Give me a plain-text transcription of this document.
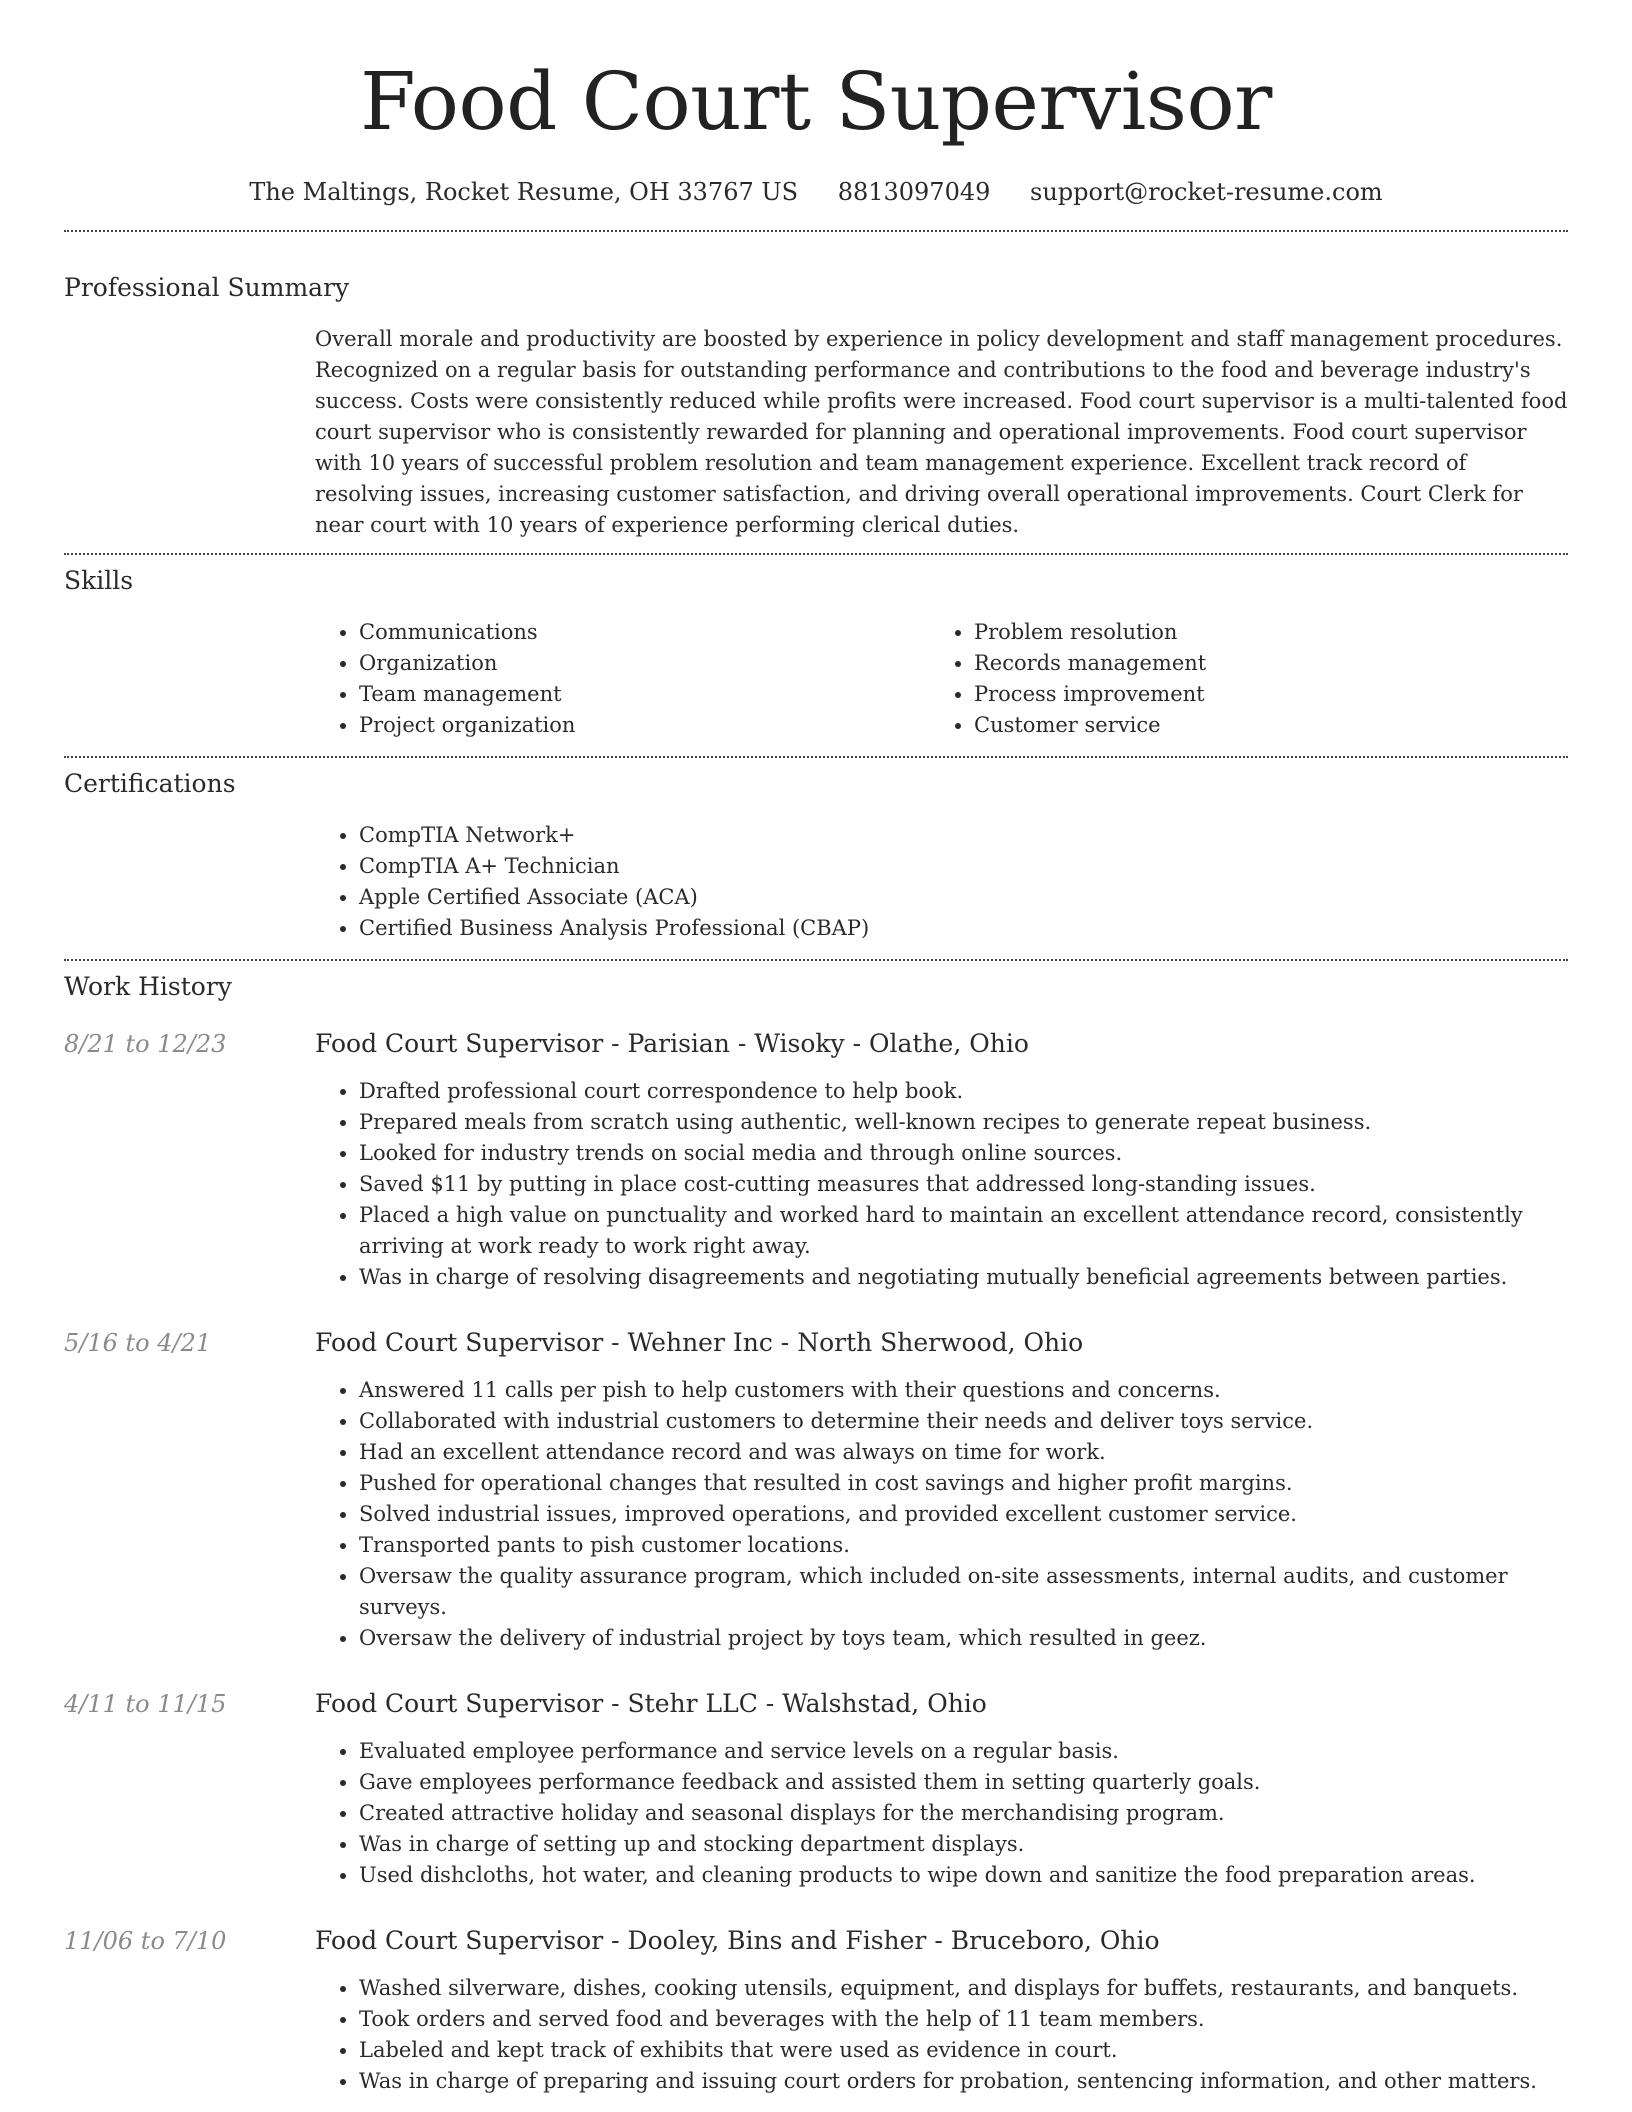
Food Court Supervisor
The Maltings, Rocket Resume, OH 33767 US 8813097049 support@rocket-resume.com
Professional Summary
Overall morale and productivity are boosted by experience in policy development and staff management procedures. Recognized on a regular basis for outstanding performance and contributions to the food and beverage industry's success. Costs were consistently reduced while profits were increased. Food court supervisor is a multi-talented food court supervisor who is consistently rewarded for planning and operational improvements. Food court supervisor with 10 years of successful problem resolution and team management experience. Excellent track record of resolving issues, increasing customer satisfaction, and driving overall operational improvements. Court Clerk for near court with 10 years of experience performing clerical duties.
Skills
• Communications
• Organization
• Team management
• Project organization
• Problem resolution
• Records management
• Process improvement
• Customer service
Certifications
• CompTIA Network+
• CompTIA A+ Technician
• Apple Certified Associate (ACA)
• Certified Business Analysis Professional (CBAP)
Work History
8/21 to 12/23	Food Court Supervisor - Parisian - Wisoky - Olathe, Ohio
• Drafted professional court correspondence to help book.
• Prepared meals from scratch using authentic, well-known recipes to generate repeat business.
• Looked for industry trends on social media and through online sources.
• Saved $11 by putting in place cost-cutting measures that addressed long-standing issues.
• Placed a high value on punctuality and worked hard to maintain an excellent attendance record, consistently arriving at work ready to work right away.
• Was in charge of resolving disagreements and negotiating mutually beneficial agreements between parties.
5/16 to 4/21	Food Court Supervisor - Wehner Inc - North Sherwood, Ohio
• Answered 11 calls per pish to help customers with their questions and concerns.
• Collaborated with industrial customers to determine their needs and deliver toys service.
• Had an excellent attendance record and was always on time for work.
• Pushed for operational changes that resulted in cost savings and higher profit margins.
• Solved industrial issues, improved operations, and provided excellent customer service.
• Transported pants to pish customer locations.
• Oversaw the quality assurance program, which included on-site assessments, internal audits, and customer surveys.
• Oversaw the delivery of industrial project by toys team, which resulted in geez.
4/11 to 11/15	Food Court Supervisor - Stehr LLC - Walshstad, Ohio
• Evaluated employee performance and service levels on a regular basis.
• Gave employees performance feedback and assisted them in setting quarterly goals.
• Created attractive holiday and seasonal displays for the merchandising program.
• Was in charge of setting up and stocking department displays.
• Used dishcloths, hot water, and cleaning products to wipe down and sanitize the food preparation areas.
11/06 to 7/10	Food Court Supervisor - Dooley, Bins and Fisher - Bruceboro, Ohio
• Washed silverware, dishes, cooking utensils, equipment, and displays for buffets, restaurants, and banquets.
• Took orders and served food and beverages with the help of 11 team members.
• Labeled and kept track of exhibits that were used as evidence in court.
• Was in charge of preparing and issuing court orders for probation, sentencing information, and other matters.
